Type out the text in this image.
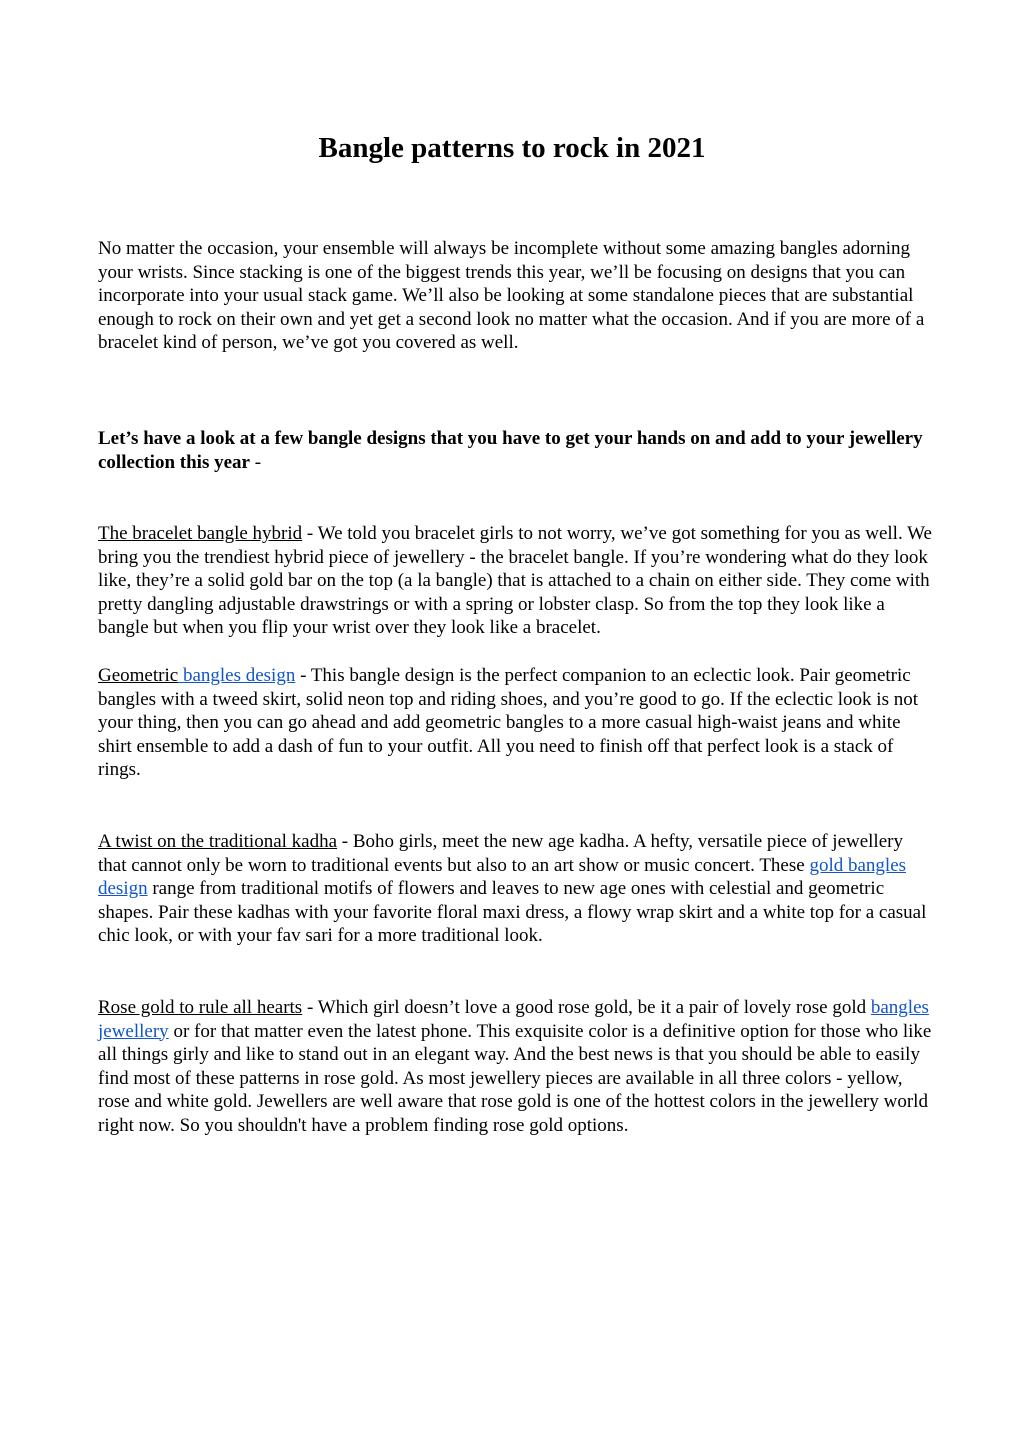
Bangle patterns to rock in 2021

No matter the occasion, your ensemble will always be incomplete without some amazing bangles adorning your wrists. Since stacking is one of the biggest trends this year, we’ll be focusing on designs that you can incorporate into your usual stack game. We’ll also be looking at some standalone pieces that are substantial enough to rock on their own and yet get a second look no matter what the occasion. And if you are more of a bracelet kind of person, we’ve got you covered as well.

Let’s have a look at a few bangle designs that you have to get your hands on and add to your jewellery collection this year -

The bracelet bangle hybrid - We told you bracelet girls to not worry, we’ve got something for you as well. We bring you the trendiest hybrid piece of jewellery - the bracelet bangle. If you’re wondering what do they look like, they’re a solid gold bar on the top (a la bangle) that is attached to a chain on either side. They come with pretty dangling adjustable drawstrings or with a spring or lobster clasp. So from the top they look like a bangle but when you flip your wrist over they look like a bracelet.

Geometric bangles design - This bangle design is the perfect companion to an eclectic look. Pair geometric bangles with a tweed skirt, solid neon top and riding shoes, and you’re good to go. If the eclectic look is not your thing, then you can go ahead and add geometric bangles to a more casual high-waist jeans and white shirt ensemble to add a dash of fun to your outfit. All you need to finish off that perfect look is a stack of rings.

A twist on the traditional kadha - Boho girls, meet the new age kadha. A hefty, versatile piece of jewellery that cannot only be worn to traditional events but also to an art show or music concert. These gold bangles design range from traditional motifs of flowers and leaves to new age ones with celestial and geometric shapes. Pair these kadhas with your favorite floral maxi dress, a flowy wrap skirt and a white top for a casual chic look, or with your fav sari for a more traditional look.

Rose gold to rule all hearts - Which girl doesn’t love a good rose gold, be it a pair of lovely rose gold bangles jewellery or for that matter even the latest phone. This exquisite color is a definitive option for those who like all things girly and like to stand out in an elegant way. And the best news is that you should be able to easily find most of these patterns in rose gold. As most jewellery pieces are available in all three colors - yellow, rose and white gold. Jewellers are well aware that rose gold is one of the hottest colors in the jewellery world right now. So you shouldn't have a problem finding rose gold options.
